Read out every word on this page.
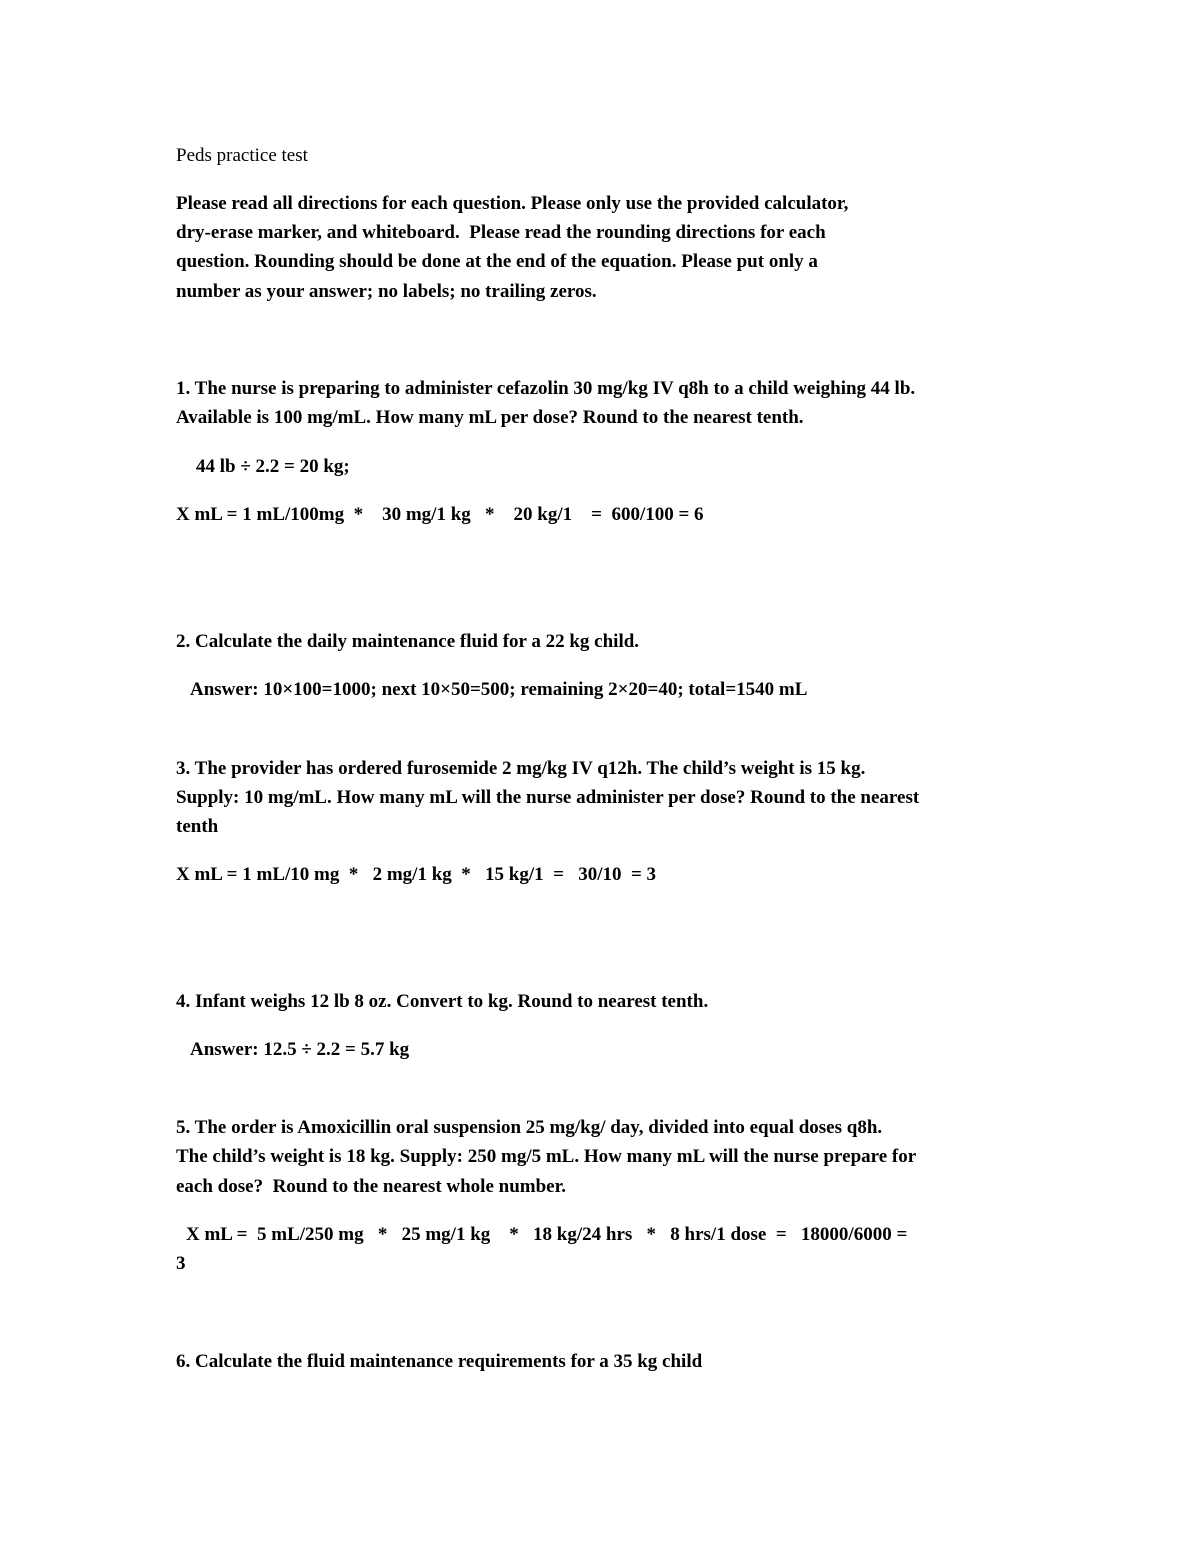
Peds practice test

Please read all directions for each question. Please only use the provided calculator,

dry-erase marker, and whiteboard.  Please read the rounding directions for each

question. Rounding should be done at the end of the equation. Please put only a

number as your answer; no labels; no trailing zeros.

1. The nurse is preparing to administer cefazolin 30 mg/kg IV q8h to a child weighing 44 lb.

Available is 100 mg/mL. How many mL per dose? Round to the nearest tenth.

44 lb ÷ 2.2 = 20 kg;

X mL = 1 mL/100mg  *    30 mg/1 kg   *    20 kg/1    =  600/100 = 6

2. Calculate the daily maintenance fluid for a 22 kg child.

Answer: 10×100=1000; next 10×50=500; remaining 2×20=40; total=1540 mL

3. The provider has ordered furosemide 2 mg/kg IV q12h. The child’s weight is 15 kg.

Supply: 10 mg/mL. How many mL will the nurse administer per dose? Round to the nearest

tenth

X mL = 1 mL/10 mg  *   2 mg/1 kg  *   15 kg/1  =   30/10  = 3

4. Infant weighs 12 lb 8 oz. Convert to kg. Round to nearest tenth.

Answer: 12.5 ÷ 2.2 = 5.7 kg

5. The order is Amoxicillin oral suspension 25 mg/kg/ day, divided into equal doses q8h.

The child’s weight is 18 kg. Supply: 250 mg/5 mL. How many mL will the nurse prepare for

each dose?  Round to the nearest whole number.

X mL =  5 mL/250 mg   *   25 mg/1 kg    *   18 kg/24 hrs   *   8 hrs/1 dose  =   18000/6000 =

3

6. Calculate the fluid maintenance requirements for a 35 kg child
